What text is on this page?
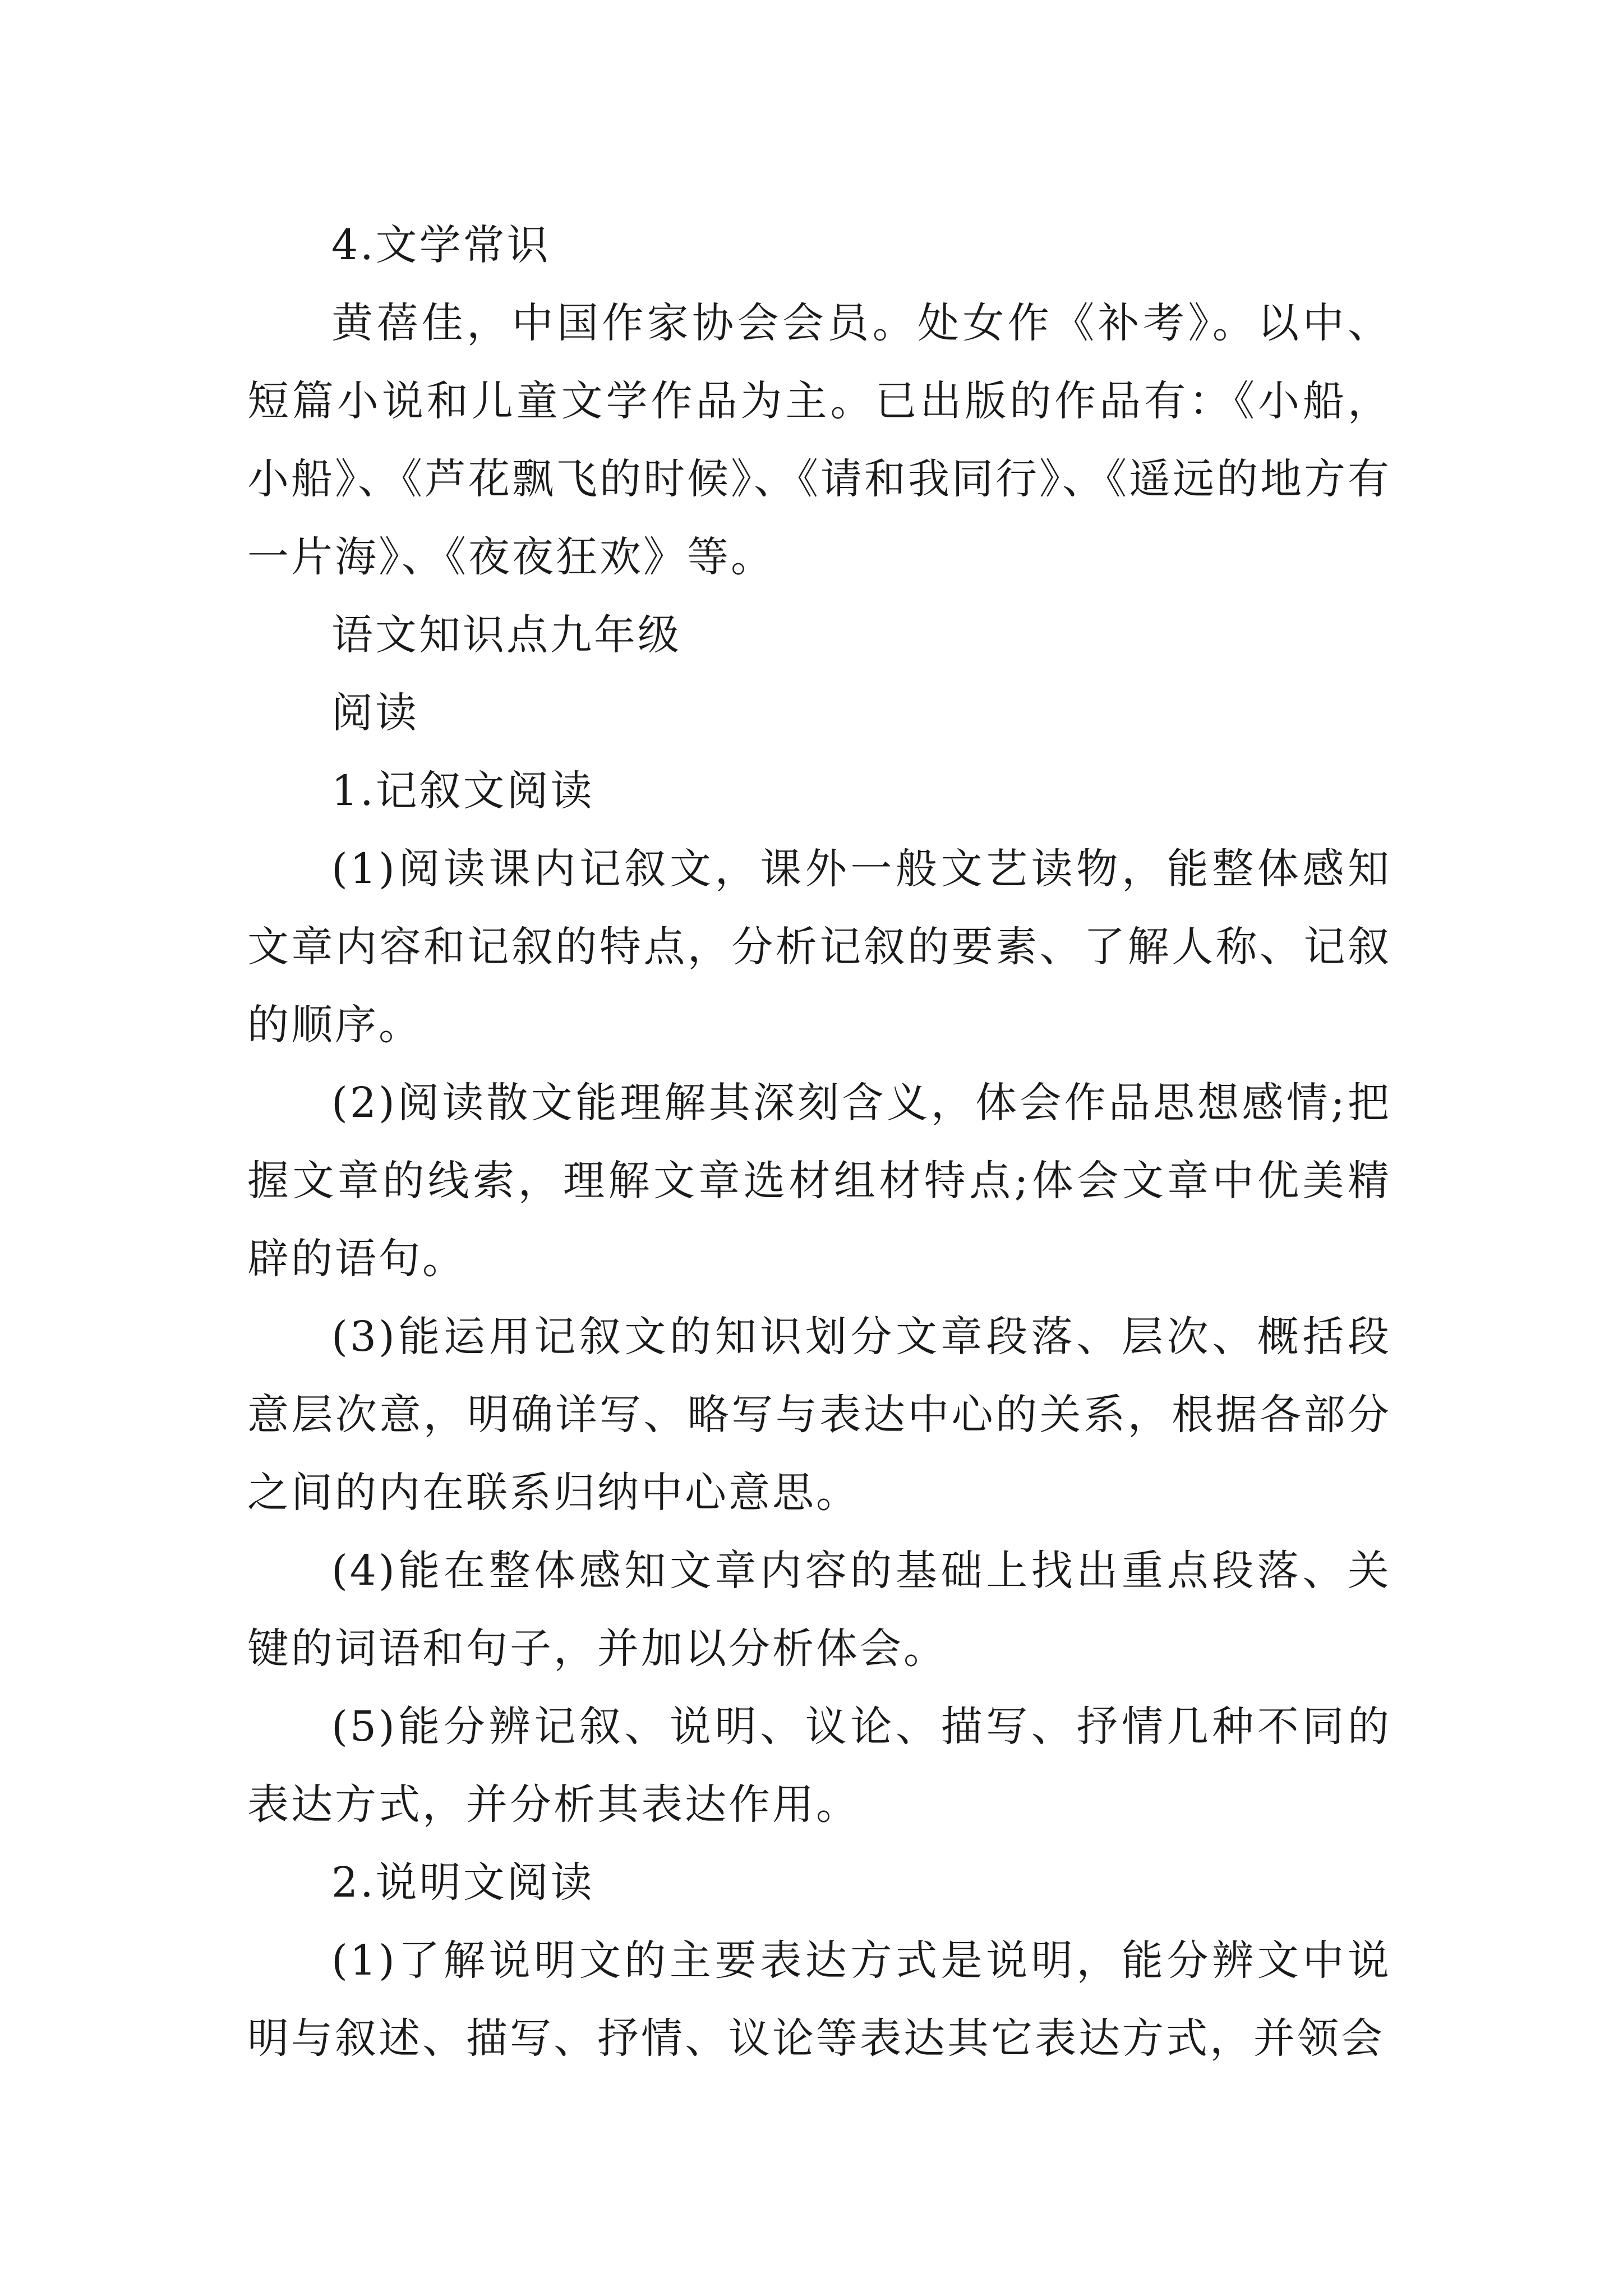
4.文学常识

黄蓓佳，中国作家协会会员。处女作《补考》。以中、短篇小说和儿童文学作品为主。已出版的作品有：《小船，小船》、《芦花飘飞的时候》、《请和我同行》、《遥远的地方有一片海》、《夜夜狂欢》等。

语文知识点九年级

阅读

1.记叙文阅读

(1)阅读课内记叙文，课外一般文艺读物，能整体感知文章内容和记叙的特点，分析记叙的要素、了解人称、记叙的顺序。

(2)阅读散文能理解其深刻含义，体会作品思想感情;把握文章的线索，理解文章选材组材特点;体会文章中优美精辟的语句。

(3)能运用记叙文的知识划分文章段落、层次、概括段意层次意，明确详写、略写与表达中心的关系，根据各部分之间的内在联系归纳中心意思。

(4)能在整体感知文章内容的基础上找出重点段落、关键的词语和句子，并加以分析体会。

(5)能分辨记叙、说明、议论、描写、抒情几种不同的表达方式，并分析其表达作用。

2.说明文阅读

(1)了解说明文的主要表达方式是说明，能分辨文中说明与叙述、描写、抒情、议论等表达其它表达方式，并领会
